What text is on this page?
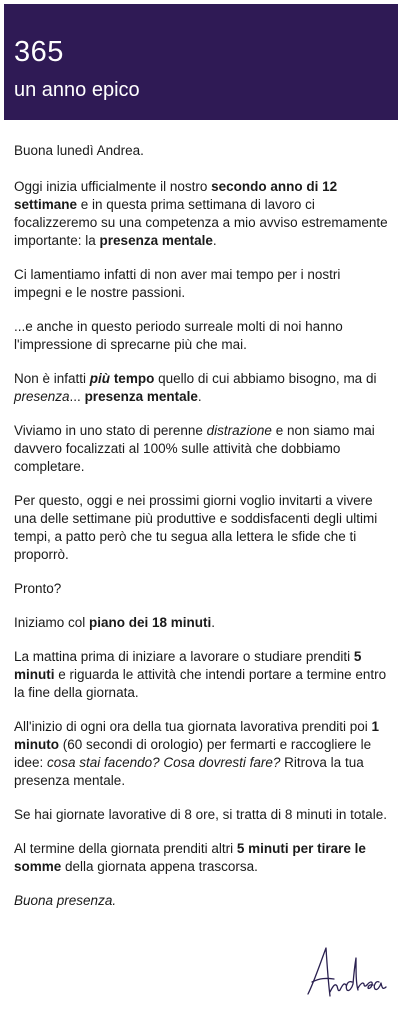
365
un anno epico

Buona lunedì Andrea.

Oggi inizia ufficialmente il nostro secondo anno di 12 settimane e in questa prima settimana di lavoro ci focalizzeremo su una competenza a mio avviso estremamente importante: la presenza mentale.

Ci lamentiamo infatti di non aver mai tempo per i nostri impegni e le nostre passioni.

...e anche in questo periodo surreale molti di noi hanno l'impressione di sprecarne più che mai.

Non è infatti più tempo quello di cui abbiamo bisogno, ma di presenza... presenza mentale.

Viviamo in uno stato di perenne distrazione e non siamo mai davvero focalizzati al 100% sulle attività che dobbiamo completare.

Per questo, oggi e nei prossimi giorni voglio invitarti a vivere una delle settimane più produttive e soddisfacenti degli ultimi tempi, a patto però che tu segua alla lettera le sfide che ti proporrò.

Pronto?

Iniziamo col piano dei 18 minuti.

La mattina prima di iniziare a lavorare o studiare prenditi 5 minuti e riguarda le attività che intendi portare a termine entro la fine della giornata.

All'inizio di ogni ora della tua giornata lavorativa prenditi poi 1 minuto (60 secondi di orologio) per fermarti e raccogliere le idee: cosa stai facendo? Cosa dovresti fare? Ritrova la tua presenza mentale.

Se hai giornate lavorative di 8 ore, si tratta di 8 minuti in totale.

Al termine della giornata prenditi altri 5 minuti per tirare le somme della giornata appena trascorsa.

Buona presenza.
